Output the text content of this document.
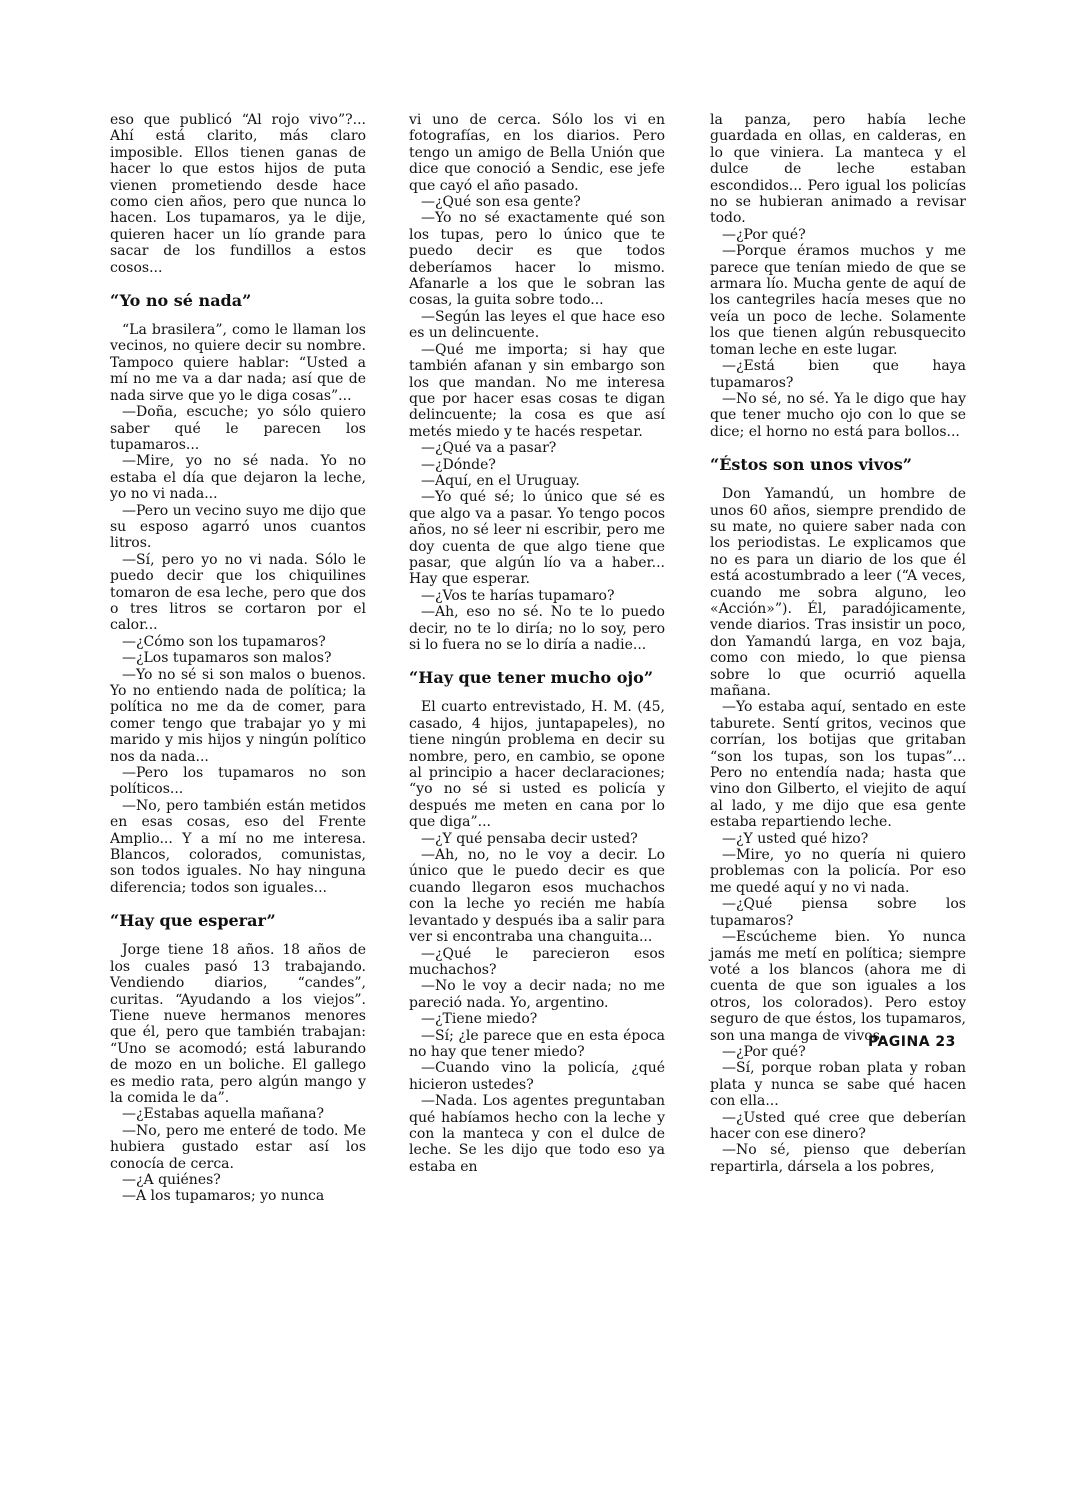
eso que publicó “Al rojo vivo”?... Ahí está clarito, más claro imposible. Ellos tienen ganas de hacer lo que estos hijos de puta vienen prometiendo desde hace como cien años, pero que nunca lo hacen. Los tupamaros, ya le dije, quieren hacer un lío grande para sacar de los fundillos a estos cosos...

“Yo no sé nada”

“La brasilera”, como le llaman los vecinos, no quiere decir su nombre. Tampoco quiere hablar: “Usted a mí no me va a dar nada; así que de nada sirve que yo le diga cosas”...

—Doña, escuche; yo sólo quiero saber qué le parecen los tupamaros...

—Mire, yo no sé nada. Yo no estaba el día que dejaron la leche, yo no vi nada...

—Pero un vecino suyo me dijo que su esposo agarró unos cuantos litros.

—Sí, pero yo no vi nada. Sólo le puedo decir que los chiquilines tomaron de esa leche, pero que dos o tres litros se cortaron por el calor...

—¿Cómo son los tupamaros?

—¿Los tupamaros son malos?

—Yo no sé si son malos o buenos. Yo no entiendo nada de política; la política no me da de comer, para comer tengo que trabajar yo y mi marido y mis hijos y ningún político nos da nada...

—Pero los tupamaros no son políticos...

—No, pero también están metidos en esas cosas, eso del Frente Amplio... Y a mí no me interesa. Blancos, colorados, comunistas, son todos iguales. No hay ninguna diferencia; todos son iguales...

“Hay que esperar”

Jorge tiene 18 años. 18 años de los cuales pasó 13 trabajando. Vendiendo diarios, “candes”, curitas. “Ayudando a los viejos”. Tiene nueve hermanos menores que él, pero que también trabajan: “Uno se acomodó; está laburando de mozo en un boliche. El gallego es medio rata, pero algún mango y la comida le da”.

—¿Estabas aquella mañana?

—No, pero me enteré de todo. Me hubiera gustado estar así los conocía de cerca.

—¿A quiénes?

—A los tupamaros; yo nunca

vi uno de cerca. Sólo los vi en fotografías, en los diarios. Pero tengo un amigo de Bella Unión que dice que conoció a Sendic, ese jefe que cayó el año pasado.

—¿Qué son esa gente?

—Yo no sé exactamente qué son los tupas, pero lo único que te puedo decir es que todos deberíamos hacer lo mismo. Afanarle a los que le sobran las cosas, la guita sobre todo...

—Según las leyes el que hace eso es un delincuente.

—Qué me importa; si hay que también afanan y sin embargo son los que mandan. No me interesa que por hacer esas cosas te digan delincuente; la cosa es que así metés miedo y te hacés respetar.

—¿Qué va a pasar?

—¿Dónde?

—Aquí, en el Uruguay.

—Yo qué sé; lo único que sé es que algo va a pasar. Yo tengo pocos años, no sé leer ni escribir, pero me doy cuenta de que algo tiene que pasar, que algún lío va a haber... Hay que esperar.

—¿Vos te harías tupamaro?

—Ah, eso no sé. No te lo puedo decir, no te lo diría; no lo soy, pero si lo fuera no se lo diría a nadie...

“Hay que tener mucho ojo”

El cuarto entrevistado, H. M. (45, casado, 4 hijos, juntapapeles), no tiene ningún problema en decir su nombre, pero, en cambio, se opone al principio a hacer declaraciones; “yo no sé si usted es policía y después me meten en cana por lo que diga”...

—¿Y qué pensaba decir usted?

—Ah, no, no le voy a decir. Lo único que le puedo decir es que cuando llegaron esos muchachos con la leche yo recién me había levantado y después iba a salir para ver si encontraba una changuita...

—¿Qué le parecieron esos muchachos?

—No le voy a decir nada; no me pareció nada. Yo, argentino.

—¿Tiene miedo?

—Sí; ¿le parece que en esta época no hay que tener miedo?

—Cuando vino la policía, ¿qué hicieron ustedes?

—Nada. Los agentes preguntaban qué habíamos hecho con la leche y con la manteca y con el dulce de leche. Se les dijo que todo eso ya estaba en

la panza, pero había leche guardada en ollas, en calderas, en lo que viniera. La manteca y el dulce de leche estaban escondidos... Pero igual los policías no se hubieran animado a revisar todo.

—¿Por qué?

—Porque éramos muchos y me parece que tenían miedo de que se armara lío. Mucha gente de aquí de los cantegriles hacía meses que no veía un poco de leche. Solamente los que tienen algún rebusquecito toman leche en este lugar.

—¿Está bien que haya tupamaros?

—No sé, no sé. Ya le digo que hay que tener mucho ojo con lo que se dice; el horno no está para bollos...

“Éstos son unos vivos”

Don Yamandú, un hombre de unos 60 años, siempre prendido de su mate, no quiere saber nada con los periodistas. Le explicamos que no es para un diario de los que él está acostumbrado a leer (“A veces, cuando me sobra alguno, leo «Acción»”). Él, paradójicamente, vende diarios. Tras insistir un poco, don Yamandú larga, en voz baja, como con miedo, lo que piensa sobre lo que ocurrió aquella mañana.

—Yo estaba aquí, sentado en este taburete. Sentí gritos, vecinos que corrían, los botijas que gritaban “son los tupas, son los tupas”... Pero no entendía nada; hasta que vino don Gilberto, el viejito de aquí al lado, y me dijo que esa gente estaba repartiendo leche.

—¿Y usted qué hizo?

—Mire, yo no quería ni quiero problemas con la policía. Por eso me quedé aquí y no vi nada.

—¿Qué piensa sobre los tupamaros?

—Escúcheme bien. Yo nunca jamás me metí en política; siempre voté a los blancos (ahora me di cuenta de que son iguales a los otros, los colorados). Pero estoy seguro de que éstos, los tupamaros, son una manga de vivos.

—¿Por qué?

—Sí, porque roban plata y roban plata y nunca se sabe qué hacen con ella...

—¿Usted qué cree que deberían hacer con ese dinero?

—No sé, pienso que deberían repartirla, dársela a los pobres,

PAGINA 23
